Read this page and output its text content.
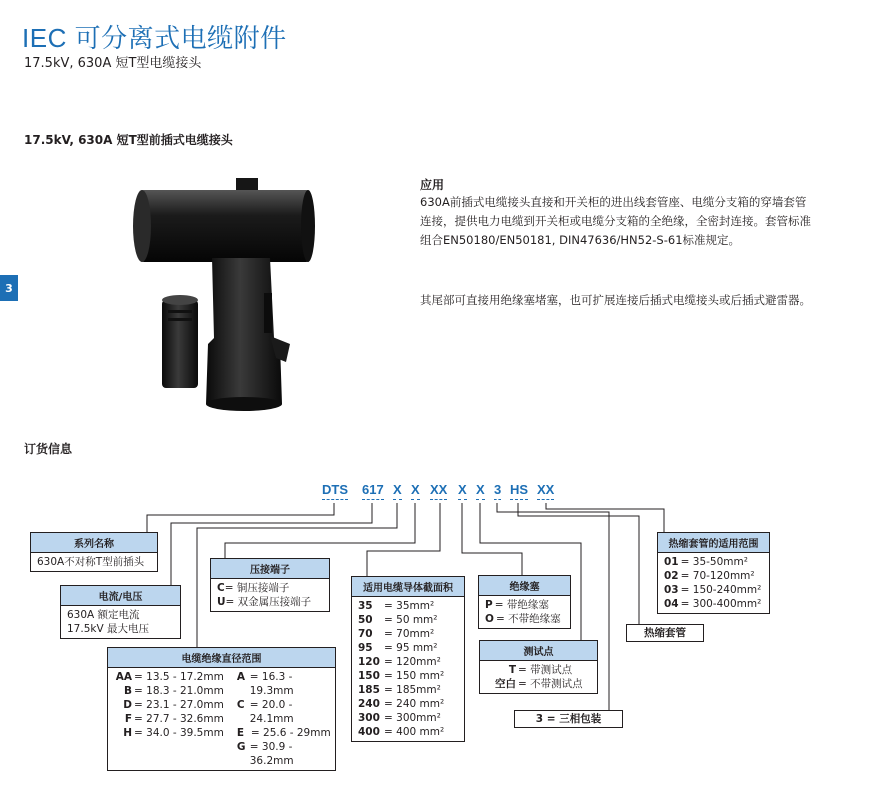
IEC 可分离式电缆附件
17.5kV, 630A 短T型电缆接头
3
17.5kV, 630A 短T型前插式电缆接头
应用
630A前插式电缆接头直接和开关柜的进出线套管座、电缆分支箱的穿墙套管连接，提供电力电缆到开关柜或电缆分支箱的全绝缘，全密封连接。套管标准组合EN50180/EN50181, DIN47636/HN52-S-61标准规定。
其尾部可直接用绝缘塞堵塞，也可扩展连接后插式电缆接头或后插式避雷器。
订货信息
DTS 617 X X XX X X 3 HS XX
系列名称
630A不对称T型前插头
电流/电压
630A 额定电流
17.5kV 最大电压
压接端子
C = 铜压接端子
U = 双金属压接端子
适用电缆导体截面积
35	= 35mm²
50	= 50 mm²
70	= 70mm²
95	= 95 mm²
120 = 120mm²
150 = 150 mm²
185 = 185mm²
240 = 240 mm²
300 = 300mm²
400 = 400 mm²
电缆绝缘直径范围
AA = 13.5 - 17.2mm
B = 18.3 - 21.0mm
D = 23.1 - 27.0mm
F = 27.7 - 32.6mm
H = 34.0 - 39.5mm
A = 16.3 - 19.3mm
C = 20.0 - 24.1mm
E = 25.6 - 29mm
G = 30.9 - 36.2mm
绝缘塞
P = 带绝缘塞
O = 不带绝缘塞
测试点
T = 带测试点
空白 = 不带测试点
3 = 三相包装
热缩套管
热缩套管的适用范围
01 = 35-50mm²
02 = 70-120mm²
03 = 150-240mm²
04 = 300-400mm²
